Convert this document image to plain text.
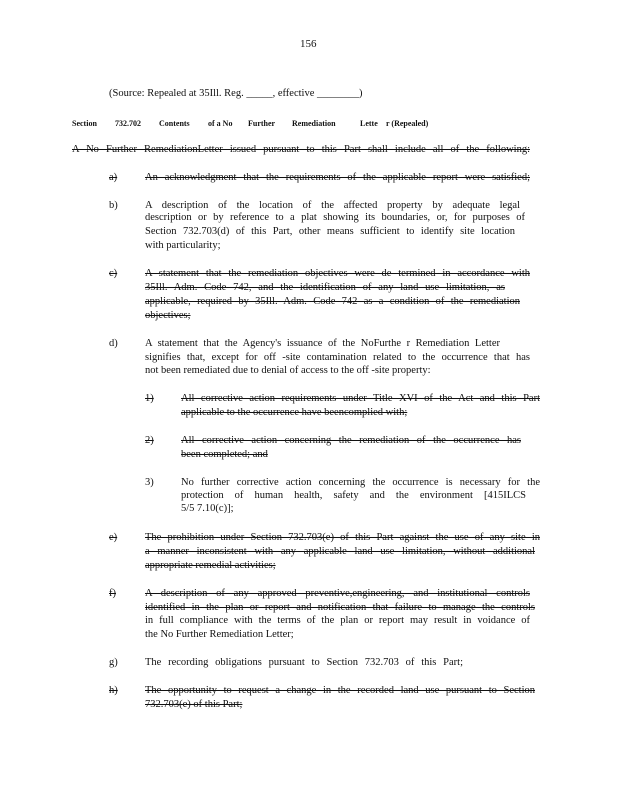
156
(Source: Repealed at 35Ill. Reg. _____, effective ________)
Section 732.702 Contents of a No Further Remediation	Lette r (Repealed)
A No Further RemediationLetter issued pursuant to this Part shall include all of the following:
a)	An acknowledgment that the requirements of the applicable report were satisfied;
b)	A description of the location of the affected property by adequate legal
description or by reference to a plat showing its boundaries, or, for purposes of
Section 732.703(d) of this Part, other means sufficient to identify site location
with particularity;
c)	A statement that the remediation objectives were de termined in accordance with
35Ill. Adm. Code 742, and the identification of any land use limitation, as
applicable, required by 35Ill. Adm. Code 742 as a condition of the remediation
objectives;
d)	A statement that the Agency's issuance of the NoFurthe r Remediation Letter
signifies that, except for off -site contamination related to the occurrence that has
not been remediated due to denial of access to the off -site property:
1)	All corrective action requirements under Title XVI of the Act and this Part
applicable to the occurrence have beencomplied with;
2)	All corrective action concerning the remediation of the occurrence has
been completed; and
3)	No further corrective action concerning the occurrence is necessary for the
protection of human health, safety and the environment [415ILCS
5/5 7.10(c)];
e)	The prohibition under Section 732.703(e) of this Part against the use of any site in
a manner inconsistent with any applicable land use limitation, without additional
appropriate remedial activities;
f)	A description of any approved preventive,engineering, and institutional controls
identified in the plan or report and notification that failure to manage the controls
in full compliance with the terms of the plan or report may result in voidance of
the No Further Remediation Letter;
g)	The recording obligations pursuant to Section 732.703 of this Part;
h)	The opportunity to request a change in the recorded land use pursuant to Section
732.703(e) of this Part;
